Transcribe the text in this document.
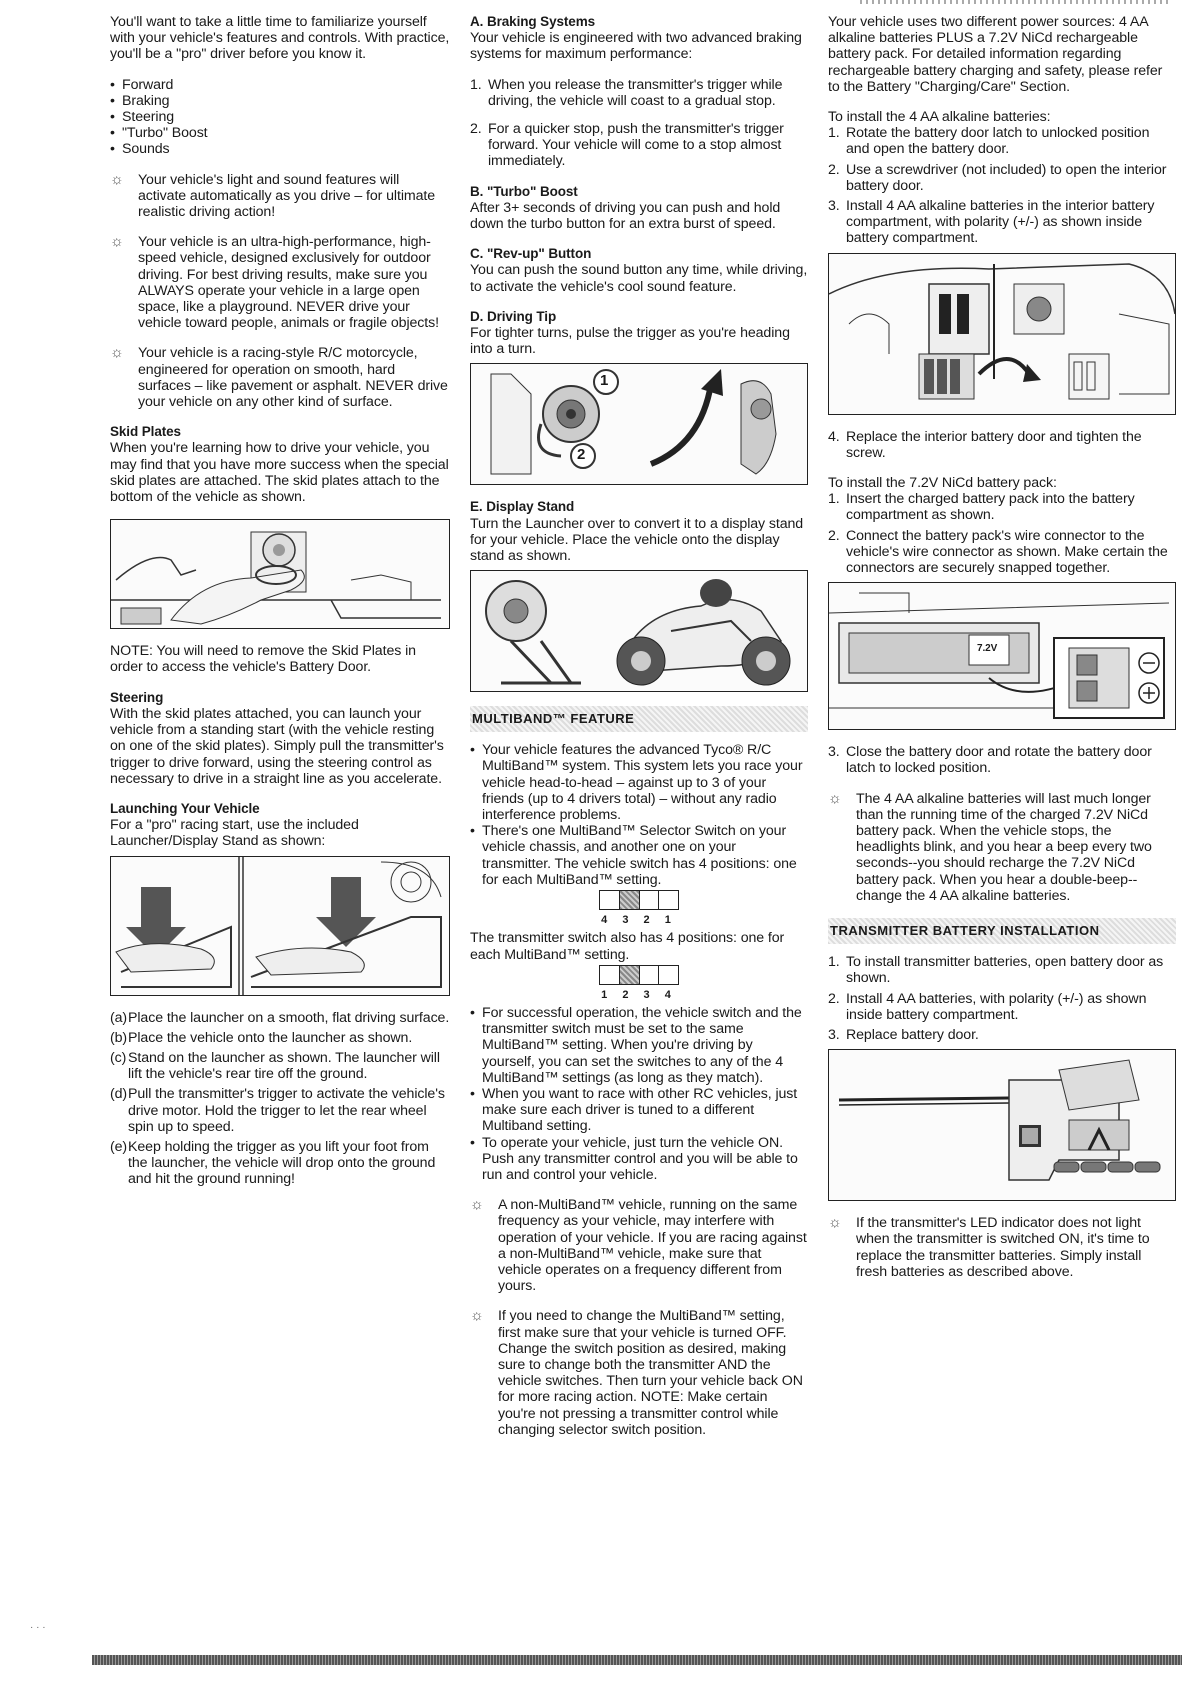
You'll want to take a little time to familiarize yourself with your vehicle's features and controls. With practice, you'll be a "pro" driver before you know it.

• Forward
• Braking
• Steering
• "Turbo" Boost
• Sounds
☼ Your vehicle's light and sound features will activate automatically as you drive – for ultimate realistic driving action!
☼ Your vehicle is an ultra-high-performance, high-speed vehicle, designed exclusively for outdoor driving. For best driving results, make sure you ALWAYS operate your vehicle in a large open space, like a playground. NEVER drive your vehicle toward people, animals or fragile objects!
☼ Your vehicle is a racing-style R/C motorcycle, engineered for operation on smooth, hard surfaces – like pavement or asphalt. NEVER drive your vehicle on any other kind of surface.
Skid Plates

When you're learning how to drive your vehicle, you may find that you have more success when the special skid plates are attached. The skid plates attach to the bottom of the vehicle as shown.

NOTE: You will need to remove the Skid Plates in order to access the vehicle's Battery Door.

Steering

With the skid plates attached, you can launch your vehicle from a standing start (with the vehicle resting on one of the skid plates). Simply pull the transmitter's trigger to drive forward, using the steering control as necessary to drive in a straight line as you accelerate.

Launching Your Vehicle

For a "pro" racing start, use the included Launcher/Display Stand as shown:

(a) Place the launcher on a smooth, flat driving surface.
(b) Place the vehicle onto the launcher as shown.
(c) Stand on the launcher as shown. The launcher will lift the vehicle's rear tire off the ground.
(d) Pull the transmitter's trigger to activate the vehicle's drive motor. Hold the trigger to let the rear wheel spin up to speed.
(e) Keep holding the trigger as you lift your foot from the launcher, the vehicle will drop onto the ground and hit the ground running!
A. Braking Systems

Your vehicle is engineered with two advanced braking systems for maximum performance:

1. When you release the transmitter's trigger while driving, the vehicle will coast to a gradual stop.
2. For a quicker stop, push the transmitter's trigger forward. Your vehicle will come to a stop almost immediately.
B. "Turbo" Boost

After 3+ seconds of driving you can push and hold down the turbo button for an extra burst of speed.

C. "Rev-up" Button

You can push the sound button any time, while driving, to activate the vehicle's cool sound feature.

D. Driving Tip

For tighter turns, pulse the trigger as you're heading into a turn.

1
2
E. Display Stand

Turn the Launcher over to convert it to a display stand for your vehicle. Place the vehicle onto the display stand as shown.

MULTIBAND™ FEATURE
• Your vehicle features the advanced Tyco® R/C MultiBand™ system. This system lets you race your vehicle head-to-head – against up to 3 of your friends (up to 4 drivers total) – without any radio interference problems.
• There's one MultiBand™ Selector Switch on your vehicle chassis, and another one on your transmitter. The vehicle switch has 4 positions: one for each MultiBand™ setting.
4 3 2 1

The transmitter switch also has 4 positions: one for each MultiBand™ setting.

1 2 3 4
• For successful operation, the vehicle switch and the transmitter switch must be set to the same MultiBand™ setting. When you're driving by yourself, you can set the switches to any of the 4 MultiBand™ settings (as long as they match).
• When you want to race with other RC vehicles, just make sure each driver is tuned to a different Multiband setting.
• To operate your vehicle, just turn the vehicle ON. Push any transmitter control and you will be able to run and control your vehicle.
☼ A non-MultiBand™ vehicle, running on the same frequency as your vehicle, may interfere with operation of your vehicle. If you are racing against a non-MultiBand™ vehicle, make sure that vehicle operates on a frequency different from yours.
☼ If you need to change the MultiBand™ setting, first make sure that your vehicle is turned OFF. Change the switch position as desired, making sure to change both the transmitter AND the vehicle switches. Then turn your vehicle back ON for more racing action. NOTE: Make certain you're not pressing a transmitter control while changing selector switch position.

Your vehicle uses two different power sources: 4 AA alkaline batteries PLUS a 7.2V NiCd rechargeable battery pack. For detailed information regarding rechargeable battery charging and safety, please refer to the Battery "Charging/Care" Section.

To install the 4 AA alkaline batteries:
1. Rotate the battery door latch to unlocked position and open the battery door.
2. Use a screwdriver (not included) to open the interior battery door.
3. Install 4 AA alkaline batteries in the interior battery compartment, with polarity (+/-) as shown inside battery compartment.
4. Replace the interior battery door and tighten the screw.
To install the 7.2V NiCd battery pack:
1. Insert the charged battery pack into the battery compartment as shown.
2. Connect the battery pack's wire connector to the vehicle's wire connector as shown. Make certain the connectors are securely snapped together.
7.2V
3. Close the battery door and rotate the battery door latch to locked position.
☼ The 4 AA alkaline batteries will last much longer than the running time of the charged 7.2V NiCd battery pack. When the vehicle stops, the headlights blink, and you hear a beep every two seconds--you should recharge the 7.2V NiCd battery pack. When you hear a double-beep--change the 4 AA alkaline batteries.
TRANSMITTER BATTERY INSTALLATION
1. To install transmitter batteries, open battery door as shown.
2. Install 4 AA batteries, with polarity (+/-) as shown inside battery compartment.
3. Replace battery door.
☼ If the transmitter's LED indicator does not light when the transmitter is switched ON, it's time to replace the transmitter batteries. Simply install fresh batteries as described above.
· · ·
